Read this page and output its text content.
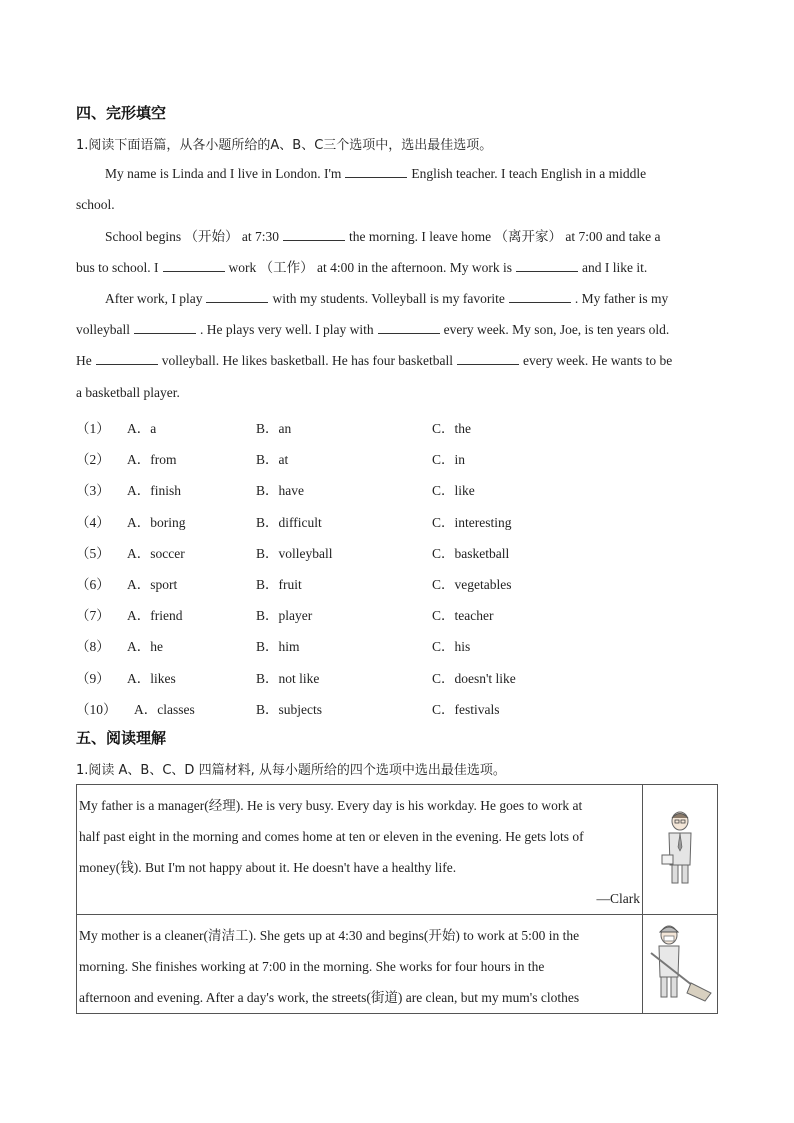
四、完形填空
1.阅读下面语篇，从各小题所给的A、B、C三个选项中，选出最佳选项。
My name is Linda and I live in London. I'm	English teacher. I teach English in a middle
school.
School begins （开始） at 7:30	the morning. I leave home （离开家） at 7:00 and take a
bus to school. I	work （工作） at 4:00 in the afternoon. My work is	and I like it.
After work, I play	with my students. Volleyball is my favorite	. My father is my
volleyball	. He plays very well. I play with	every week. My son, Joe, is ten years old.
He	volleyball. He likes basketball. He has four basketball	every week. He wants to be
a basketball player.
（1） A．a	B．an	C．the
（2） A．from	B．at	C．in
（3） A．finish	B．have	C．like
（4） A．boring	B．difficult	C．interesting
（5） A．soccer	B．volleyball	C．basketball
（6） A．sport	B．fruit	C．vegetables
（7） A．friend	B．player	C．teacher
（8） A．he	B．him	C．his
（9） A．likes	B．not like	C．doesn't like
（10） A．classes	B．subjects	C．festivals
五、阅读理解
1.阅读 A、B、C、D 四篇材料, 从每小题所给的四个选项中选出最佳选项。
My father is a manager(经理). He is very busy. Every day is his workday. He goes to work at
half past eight in the morning and comes home at ten or eleven in the evening. He gets lots of
money(钱). But I'm not happy about it. He doesn't have a healthy life.
—Clark

My mother is a cleaner(清洁工). She gets up at 4:30 and begins(开始) to work at 5:00 in the
morning. She finishes working at 7:00 in the morning. She works for four hours in the
afternoon and evening. After a day's work, the streets(街道) are clean, but my mum's clothes
